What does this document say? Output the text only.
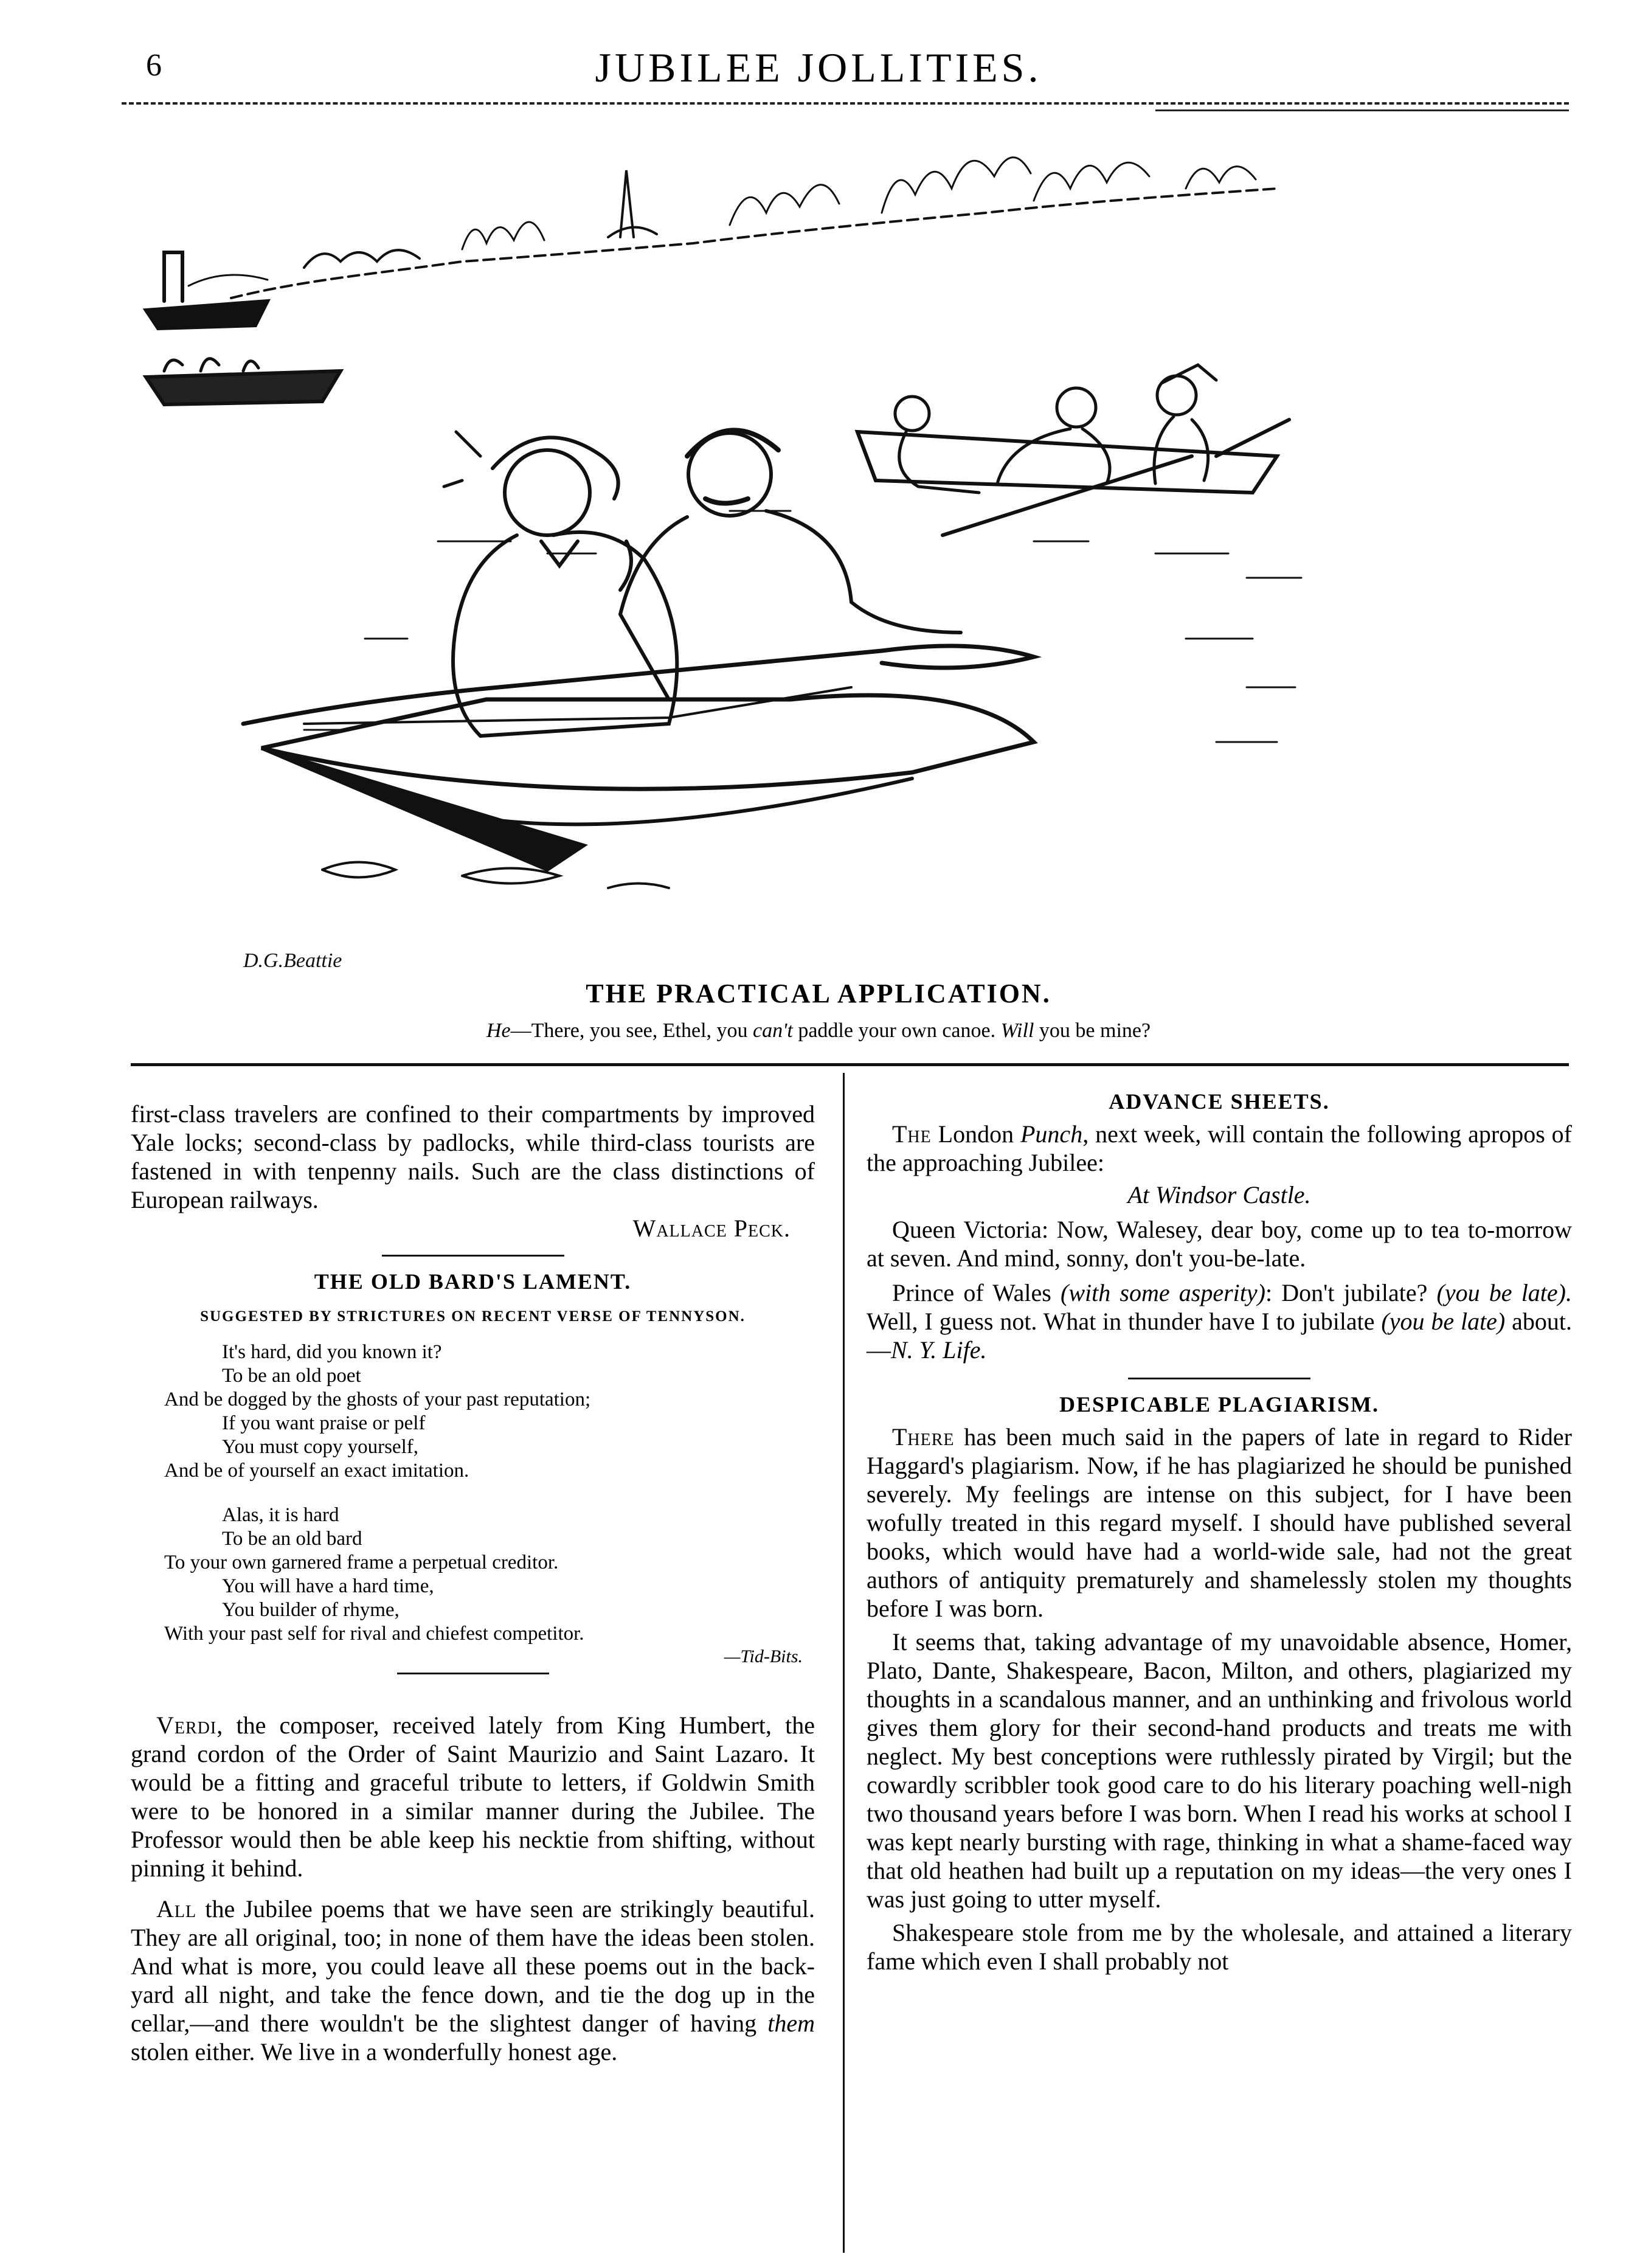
6	JUBILEE JOLLITIES.
D.G.Beattie
THE PRACTICAL APPLICATION.
He—There, you see, Ethel, you can't paddle your own canoe. Will you be mine?

first-class travelers are confined to their compartments by improved Yale locks; second-class by padlocks, while third-class tourists are fastened in with tenpenny nails. Such are the class distinctions of European railways.

Wallace Peck.

THE OLD BARD'S LAMENT.

SUGGESTED BY STRICTURES ON RECENT VERSE OF TENNYSON.

It's hard, did you known it?
To be an old poet
And be dogged by the ghosts of your past reputation;
If you want praise or pelf
You must copy yourself,
And be of yourself an exact imitation.
Alas, it is hard
To be an old bard
To your own garnered frame a perpetual creditor.
You will have a hard time,
You builder of rhyme,
With your past self for rival and chiefest competitor.

—Tid-Bits.

Verdi, the composer, received lately from King Humbert, the grand cordon of the Order of Saint Maurizio and Saint Lazaro. It would be a fitting and graceful tribute to letters, if Goldwin Smith were to be honored in a similar manner during the Jubilee. The Professor would then be able keep his necktie from shifting, without pinning it behind.

All the Jubilee poems that we have seen are strikingly beautiful. They are all original, too; in none of them have the ideas been stolen. And what is more, you could leave all these poems out in the back-yard all night, and take the fence down, and tie the dog up in the cellar,—and there wouldn't be the slightest danger of having them stolen either. We live in a wonderfully honest age.

ADVANCE SHEETS.

The London Punch, next week, will contain the following apropos of the approaching Jubilee:

At Windsor Castle.

Queen Victoria: Now, Walesey, dear boy, come up to tea to-morrow at seven. And mind, sonny, don't you-be-late.

Prince of Wales (with some asperity): Don't jubilate? (you be late). Well, I guess not. What in thunder have I to jubilate (you be late) about.—N. Y. Life.

DESPICABLE PLAGIARISM.

There has been much said in the papers of late in regard to Rider Haggard's plagiarism. Now, if he has plagiarized he should be punished severely. My feelings are intense on this subject, for I have been wofully treated in this regard myself. I should have published several books, which would have had a world-wide sale, had not the great authors of antiquity prematurely and shamelessly stolen my thoughts before I was born.

It seems that, taking advantage of my unavoidable absence, Homer, Plato, Dante, Shakespeare, Bacon, Milton, and others, plagiarized my thoughts in a scandalous manner, and an unthinking and frivolous world gives them glory for their second-hand products and treats me with neglect. My best conceptions were ruthlessly pirated by Virgil; but the cowardly scribbler took good care to do his literary poaching well-nigh two thousand years before I was born. When I read his works at school I was kept nearly bursting with rage, thinking in what a shame-faced way that old heathen had built up a reputation on my ideas—the very ones I was just going to utter myself.

Shakespeare stole from me by the wholesale, and attained a literary fame which even I shall probably not
